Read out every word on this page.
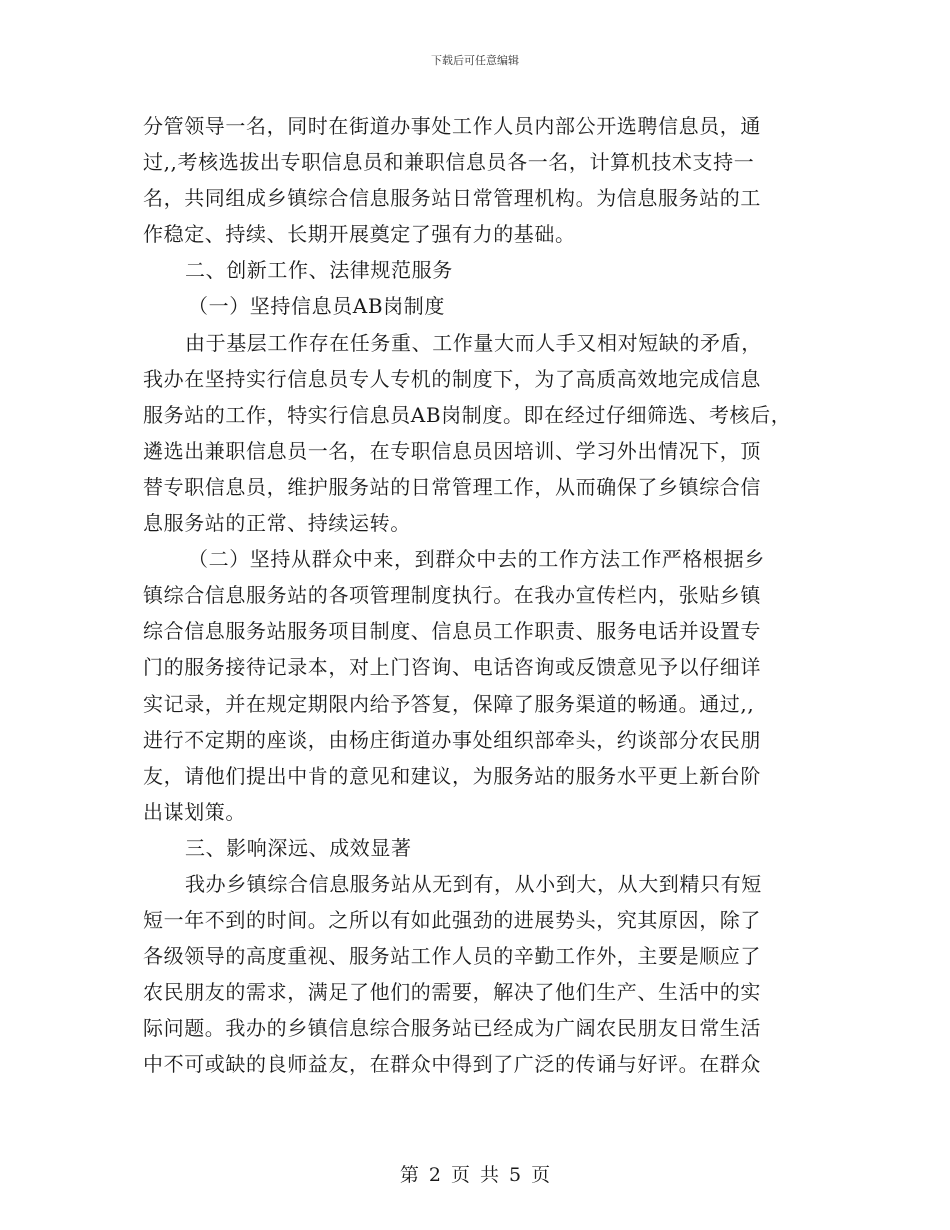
下载后可任意编辑
分管领导一名，同时在街道办事处工作人员内部公开选聘信息员，通
过,,考核选拔出专职信息员和兼职信息员各一名，计算机技术支持一
名，共同组成乡镇综合信息服务站日常管理机构。为信息服务站的工
作稳定、持续、长期开展奠定了强有力的基础。
二、创新工作、法律规范服务
（一）坚持信息员AB岗制度
由于基层工作存在任务重、工作量大而人手又相对短缺的矛盾，
我办在坚持实行信息员专人专机的制度下，为了高质高效地完成信息
服务站的工作，特实行信息员AB岗制度。即在经过仔细筛选、考核后，
遴选出兼职信息员一名，在专职信息员因培训、学习外出情况下，顶
替专职信息员，维护服务站的日常管理工作，从而确保了乡镇综合信
息服务站的正常、持续运转。
（二）坚持从群众中来，到群众中去的工作方法工作严格根据乡
镇综合信息服务站的各项管理制度执行。在我办宣传栏内，张贴乡镇
综合信息服务站服务项目制度、信息员工作职责、服务电话并设置专
门的服务接待记录本，对上门咨询、电话咨询或反馈意见予以仔细详
实记录，并在规定期限内给予答复，保障了服务渠道的畅通。通过,,
进行不定期的座谈，由杨庄街道办事处组织部牵头，约谈部分农民朋
友，请他们提出中肯的意见和建议，为服务站的服务水平更上新台阶
出谋划策。
三、影响深远、成效显著
我办乡镇综合信息服务站从无到有，从小到大，从大到精只有短
短一年不到的时间。之所以有如此强劲的进展势头，究其原因，除了
各级领导的高度重视、服务站工作人员的辛勤工作外，主要是顺应了
农民朋友的需求，满足了他们的需要，解决了他们生产、生活中的实
际问题。我办的乡镇信息综合服务站已经成为广阔农民朋友日常生活
中不可或缺的良师益友，在群众中得到了广泛的传诵与好评。在群众
第 2 页 共 5 页
